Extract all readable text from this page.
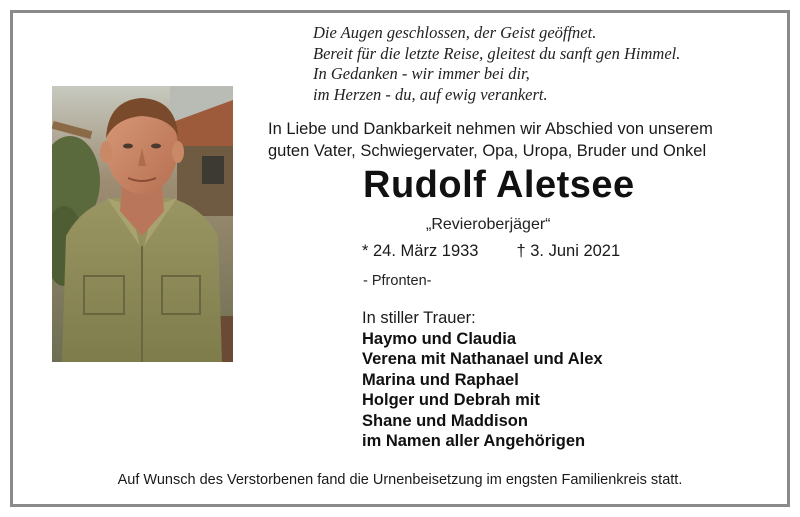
Die Augen geschlossen, der Geist geöffnet.
Bereit für die letzte Reise, gleitest du sanft gen Himmel.
In Gedanken - wir immer bei dir,
im Herzen - du, auf ewig verankert.
In Liebe und Dankbarkeit nehmen wir Abschied von unserem
guten Vater, Schwiegervater, Opa, Uropa, Bruder und Onkel
Rudolf Aletsee
„Revieroberjäger“
* 24. März 1933 † 3. Juni 2021
- Pfronten-
In stiller Trauer:
Haymo und Claudia
Verena mit Nathanael und Alex
Marina und Raphael
Holger und Debrah mit
Shane und Maddison
im Namen aller Angehörigen
Auf Wunsch des Verstorbenen fand die Urnenbeisetzung im engsten Familienkreis statt.
